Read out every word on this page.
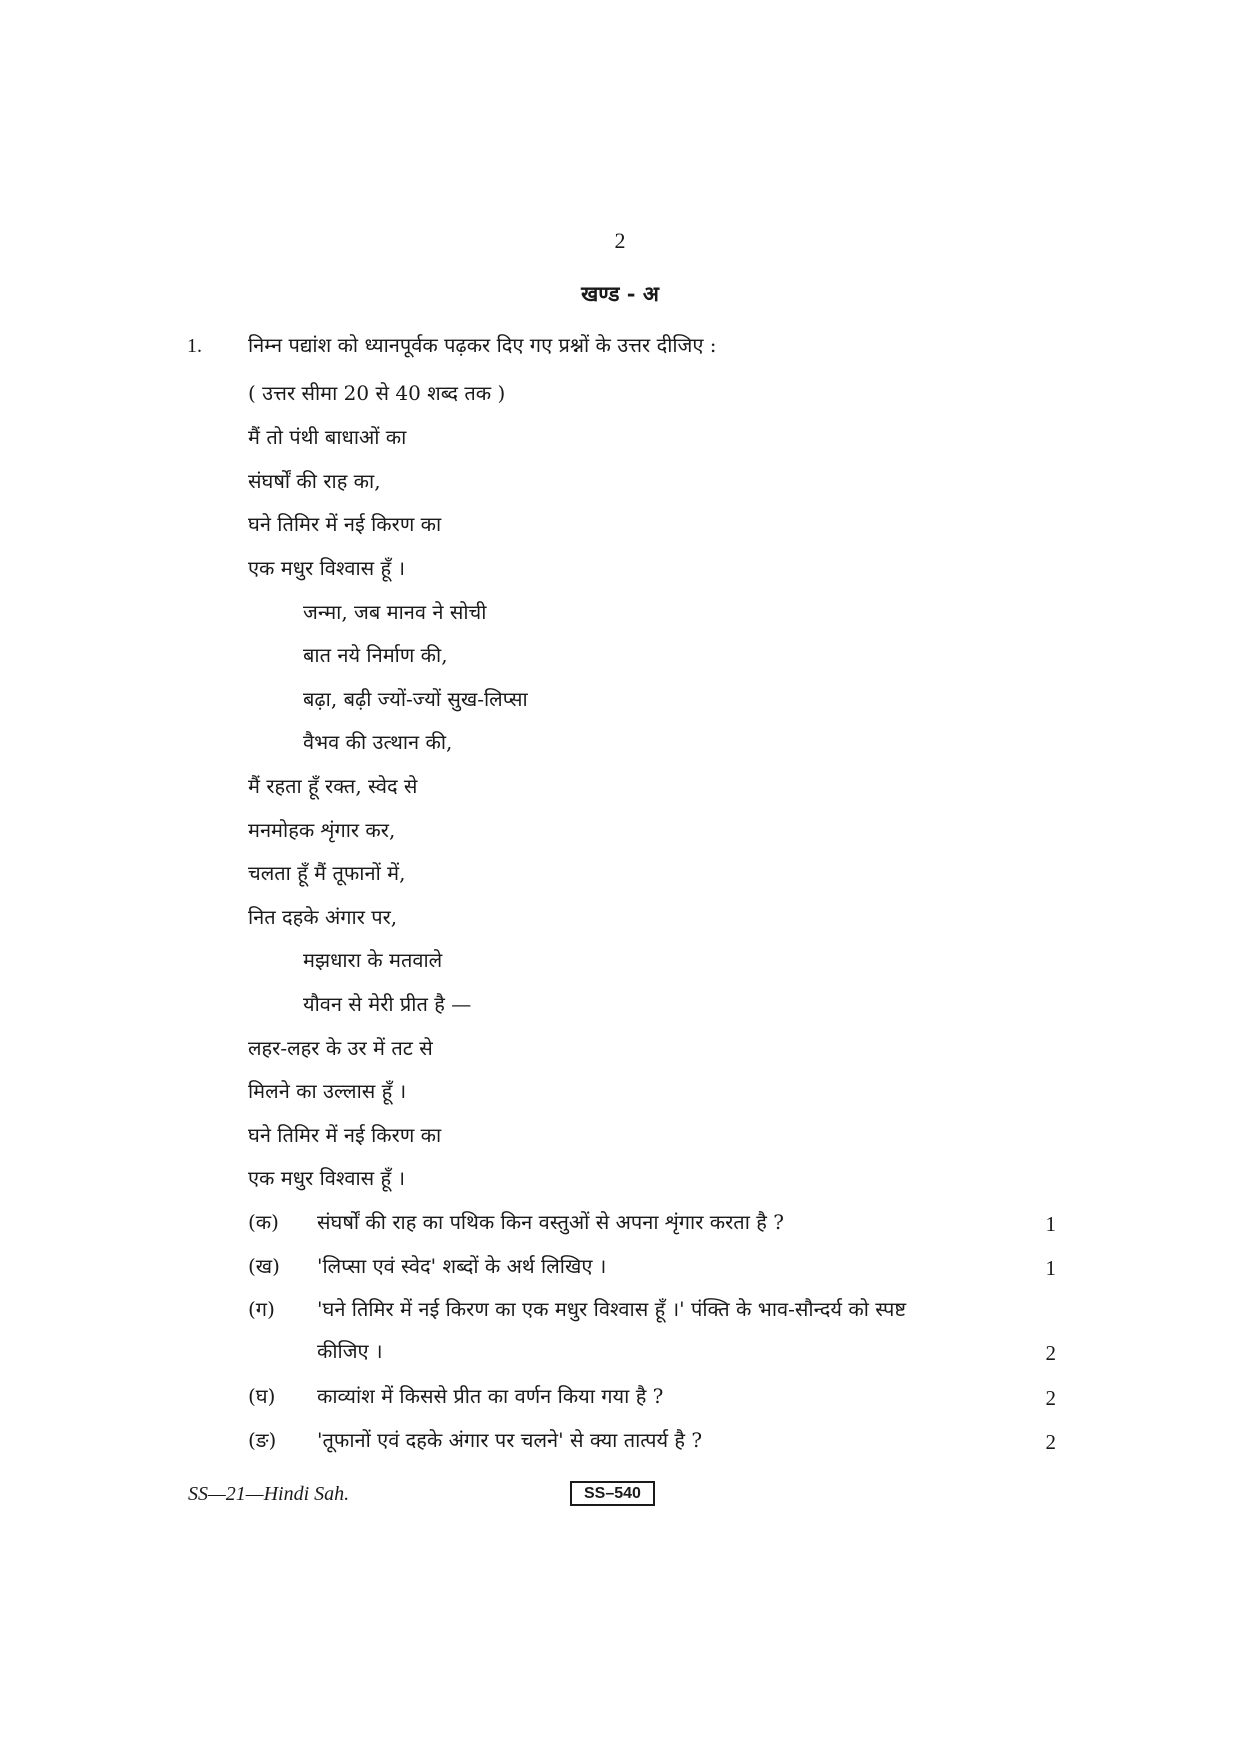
2
खण्ड - अ
1. निम्न पद्यांश को ध्यानपूर्वक पढ़कर दिए गए प्रश्नों के उत्तर दीजिए :
( उत्तर सीमा 20 से 40 शब्द तक )
मैं तो पंथी बाधाओं का
संघर्षों की राह का,
घने तिमिर में नई किरण का
एक मधुर विश्वास हूँ ।
जन्मा, जब मानव ने सोची
बात नये निर्माण की,
बढ़ा, बढ़ी ज्यों-ज्यों सुख-लिप्सा
वैभव की उत्थान की,
मैं रहता हूँ रक्त, स्वेद से
मनमोहक शृंगार कर,
चलता हूँ मैं तूफानों में,
नित दहके अंगार पर,
मझधारा के मतवाले
यौवन से मेरी प्रीत है —
लहर-लहर के उर में तट से
मिलने का उल्लास हूँ ।
घने तिमिर में नई किरण का
एक मधुर विश्वास हूँ ।
(क) संघर्षों की राह का पथिक किन वस्तुओं से अपना शृंगार करता है ?	1
(ख) 'लिप्सा एवं स्वेद' शब्दों के अर्थ लिखिए ।	1
(ग) 'घने तिमिर में नई किरण का एक मधुर विश्वास हूँ ।' पंक्ति के भाव-सौन्दर्य को स्पष्ट
कीजिए ।	2
(घ) काव्यांश में किससे प्रीत का वर्णन किया गया है ?	2
(ङ) 'तूफानों एवं दहके अंगार पर चलने' से क्या तात्पर्य है ?	2
SS—21—Hindi Sah.	SS–540
